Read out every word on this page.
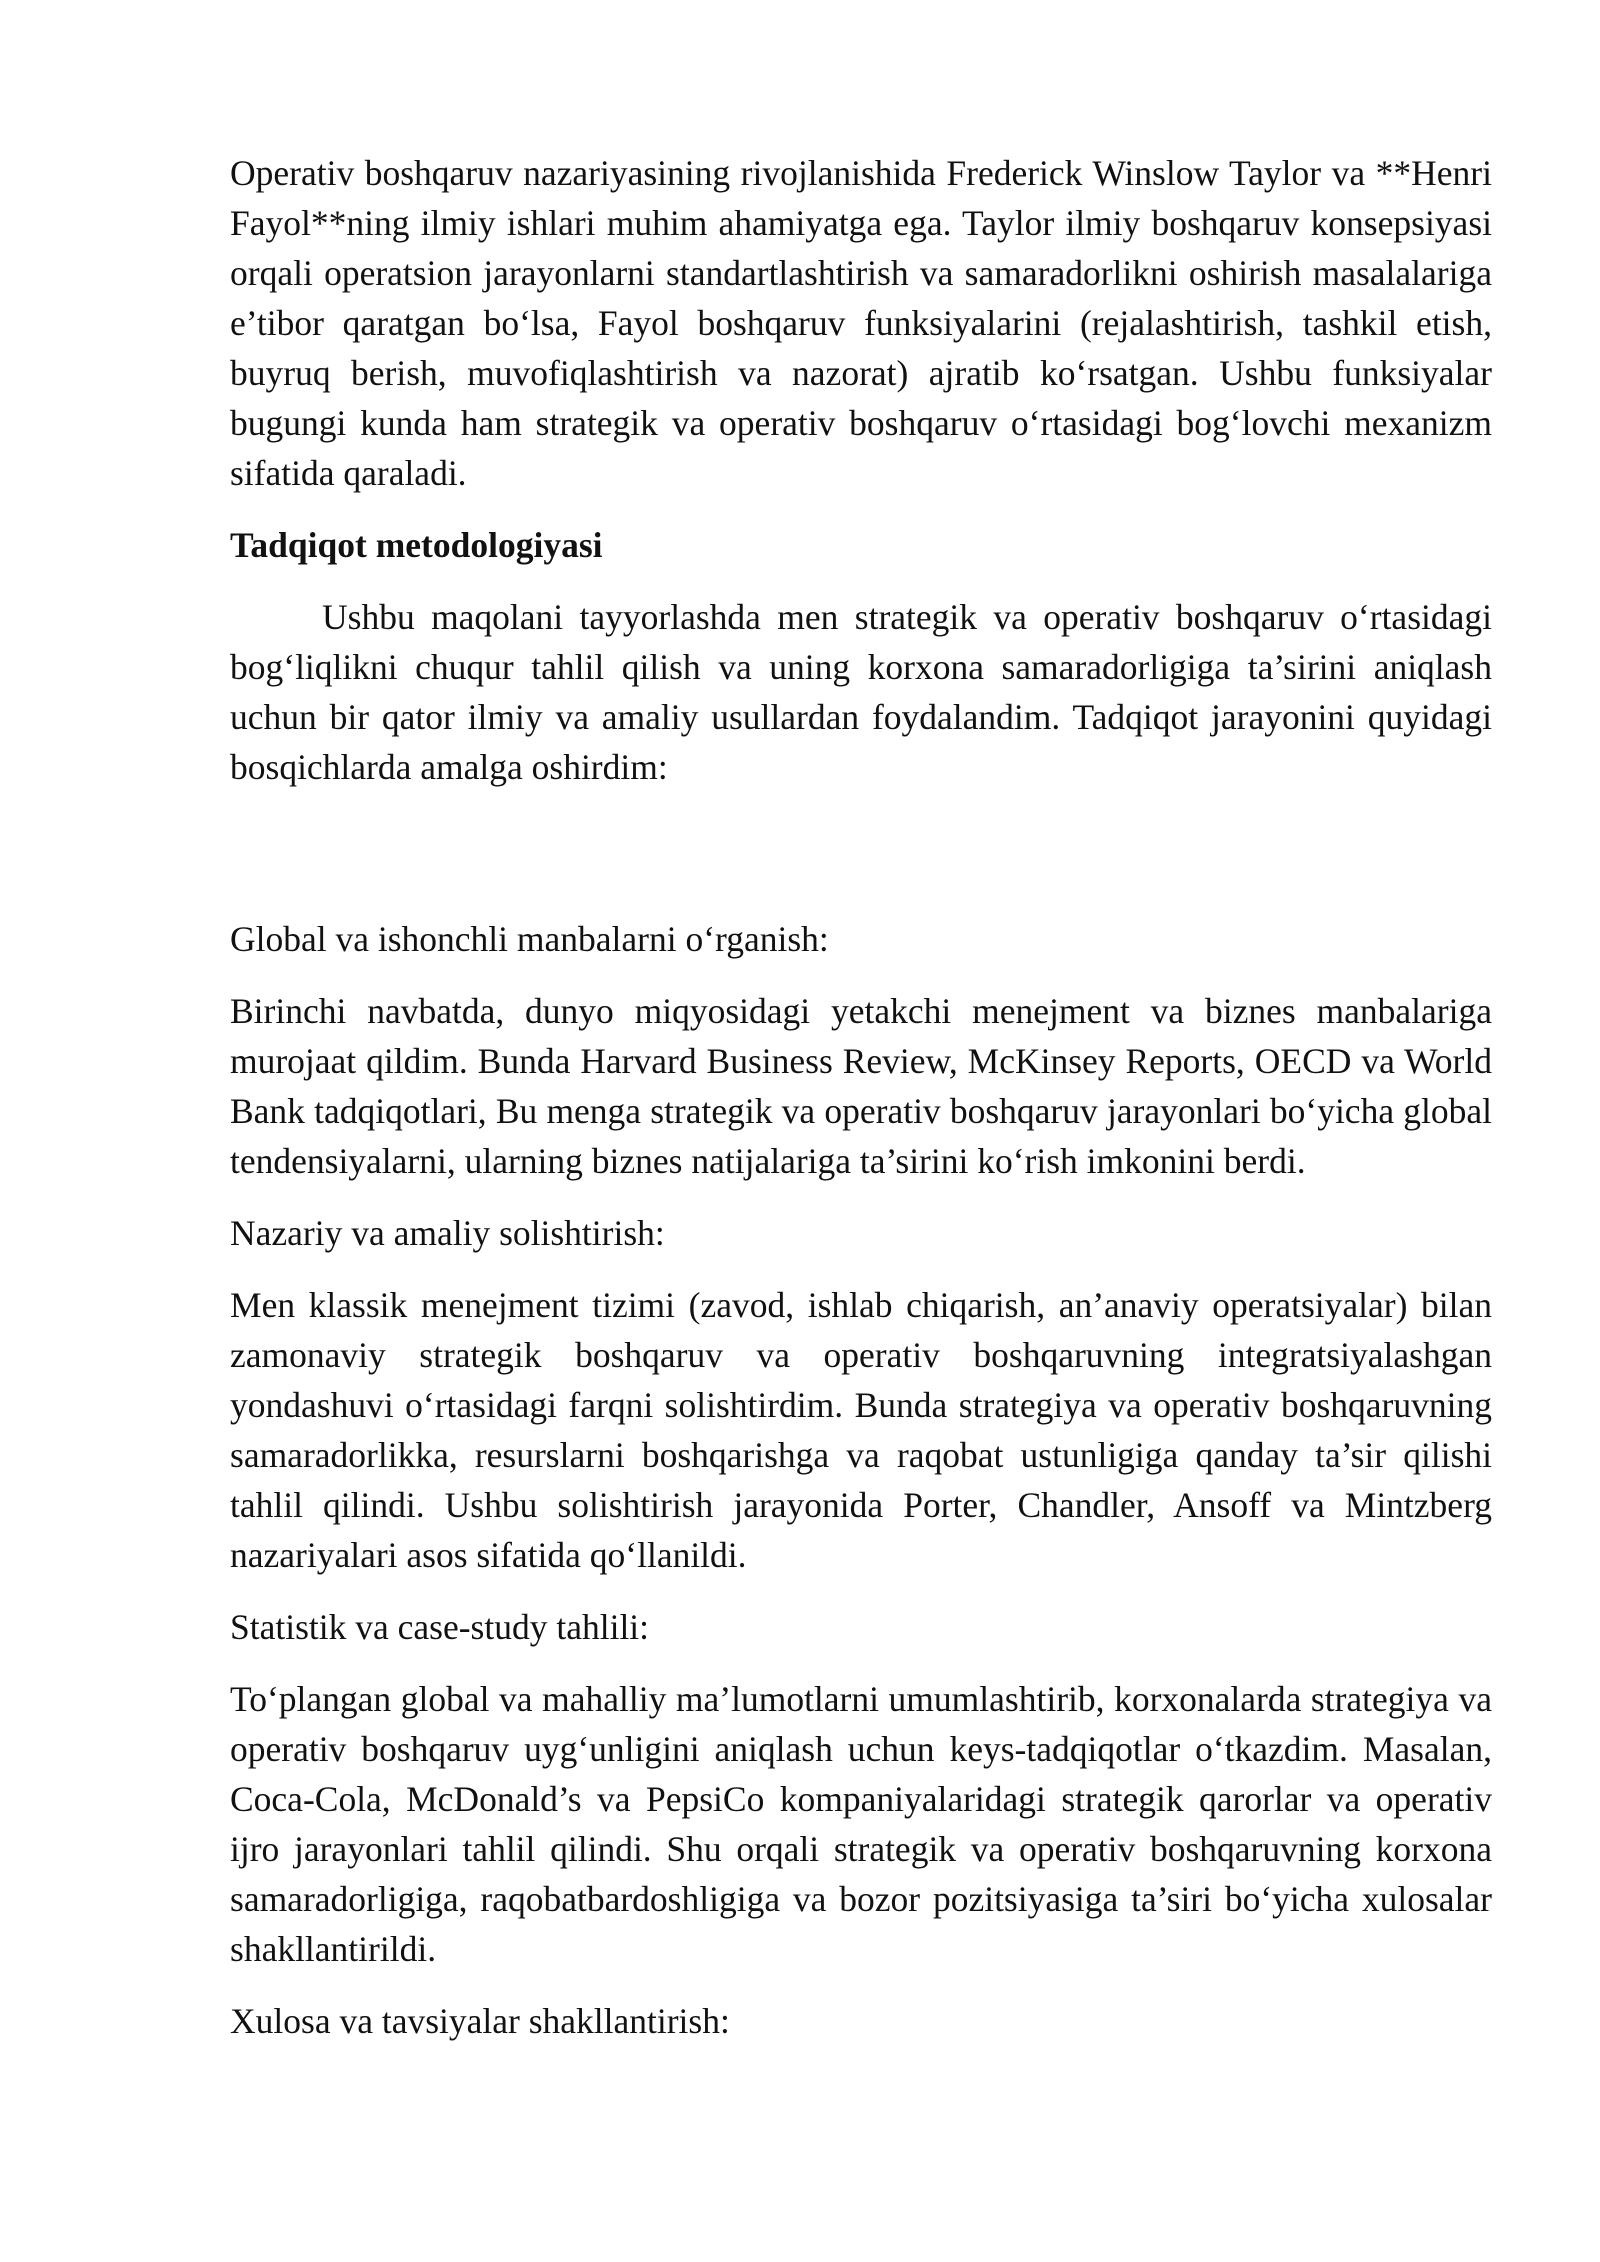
Operativ boshqaruv nazariyasining rivojlanishida Frederick Winslow Taylor va **Henri Fayol**ning ilmiy ishlari muhim ahamiyatga ega. Taylor ilmiy boshqaruv konsepsiyasi orqali operatsion jarayonlarni standartlashtirish va samaradorlikni oshirish masalalariga e’tibor qaratgan bo‘lsa, Fayol boshqaruv funksiyalarini (rejalashtirish, tashkil etish, buyruq berish, muvofiqlashtirish va nazorat) ajratib ko‘rsatgan. Ushbu funksiyalar bugungi kunda ham strategik va operativ boshqaruv o‘rtasidagi bog‘lovchi mexanizm sifatida qaraladi.

Tadqiqot metodologiyasi

Ushbu maqolani tayyorlashda men strategik va operativ boshqaruv o‘rtasidagi bog‘liqlikni chuqur tahlil qilish va uning korxona samaradorligiga ta’sirini aniqlash uchun bir qator ilmiy va amaliy usullardan foydalandim. Tadqiqot jarayonini quyidagi bosqichlarda amalga oshirdim:

Global va ishonchli manbalarni o‘rganish:

Birinchi navbatda, dunyo miqyosidagi yetakchi menejment va biznes manbalariga murojaat qildim. Bunda Harvard Business Review, McKinsey Reports, OECD va World Bank tadqiqotlari, Bu menga strategik va operativ boshqaruv jarayonlari bo‘yicha global tendensiyalarni, ularning biznes natijalariga ta’sirini ko‘rish imkonini berdi.

Nazariy va amaliy solishtirish:

Men klassik menejment tizimi (zavod, ishlab chiqarish, an’anaviy operatsiyalar) bilan zamonaviy strategik boshqaruv va operativ boshqaruvning integratsiyalashgan yondashuvi o‘rtasidagi farqni solishtirdim. Bunda strategiya va operativ boshqaruvning samaradorlikka, resurslarni boshqarishga va raqobat ustunligiga qanday ta’sir qilishi tahlil qilindi. Ushbu solishtirish jarayonida Porter, Chandler, Ansoff va Mintzberg nazariyalari asos sifatida qo‘llanildi.

Statistik va case-study tahlili:

To‘plangan global va mahalliy ma’lumotlarni umumlashtirib, korxonalarda strategiya va operativ boshqaruv uyg‘unligini aniqlash uchun keys-tadqiqotlar o‘tkazdim. Masalan, Coca-Cola, McDonald’s va PepsiCo kompaniyalaridagi strategik qarorlar va operativ ijro jarayonlari tahlil qilindi. Shu orqali strategik va operativ boshqaruvning korxona samaradorligiga, raqobatbardoshligiga va bozor pozitsiyasiga ta’siri bo‘yicha xulosalar shakllantirildi.

Xulosa va tavsiyalar shakllantirish:
